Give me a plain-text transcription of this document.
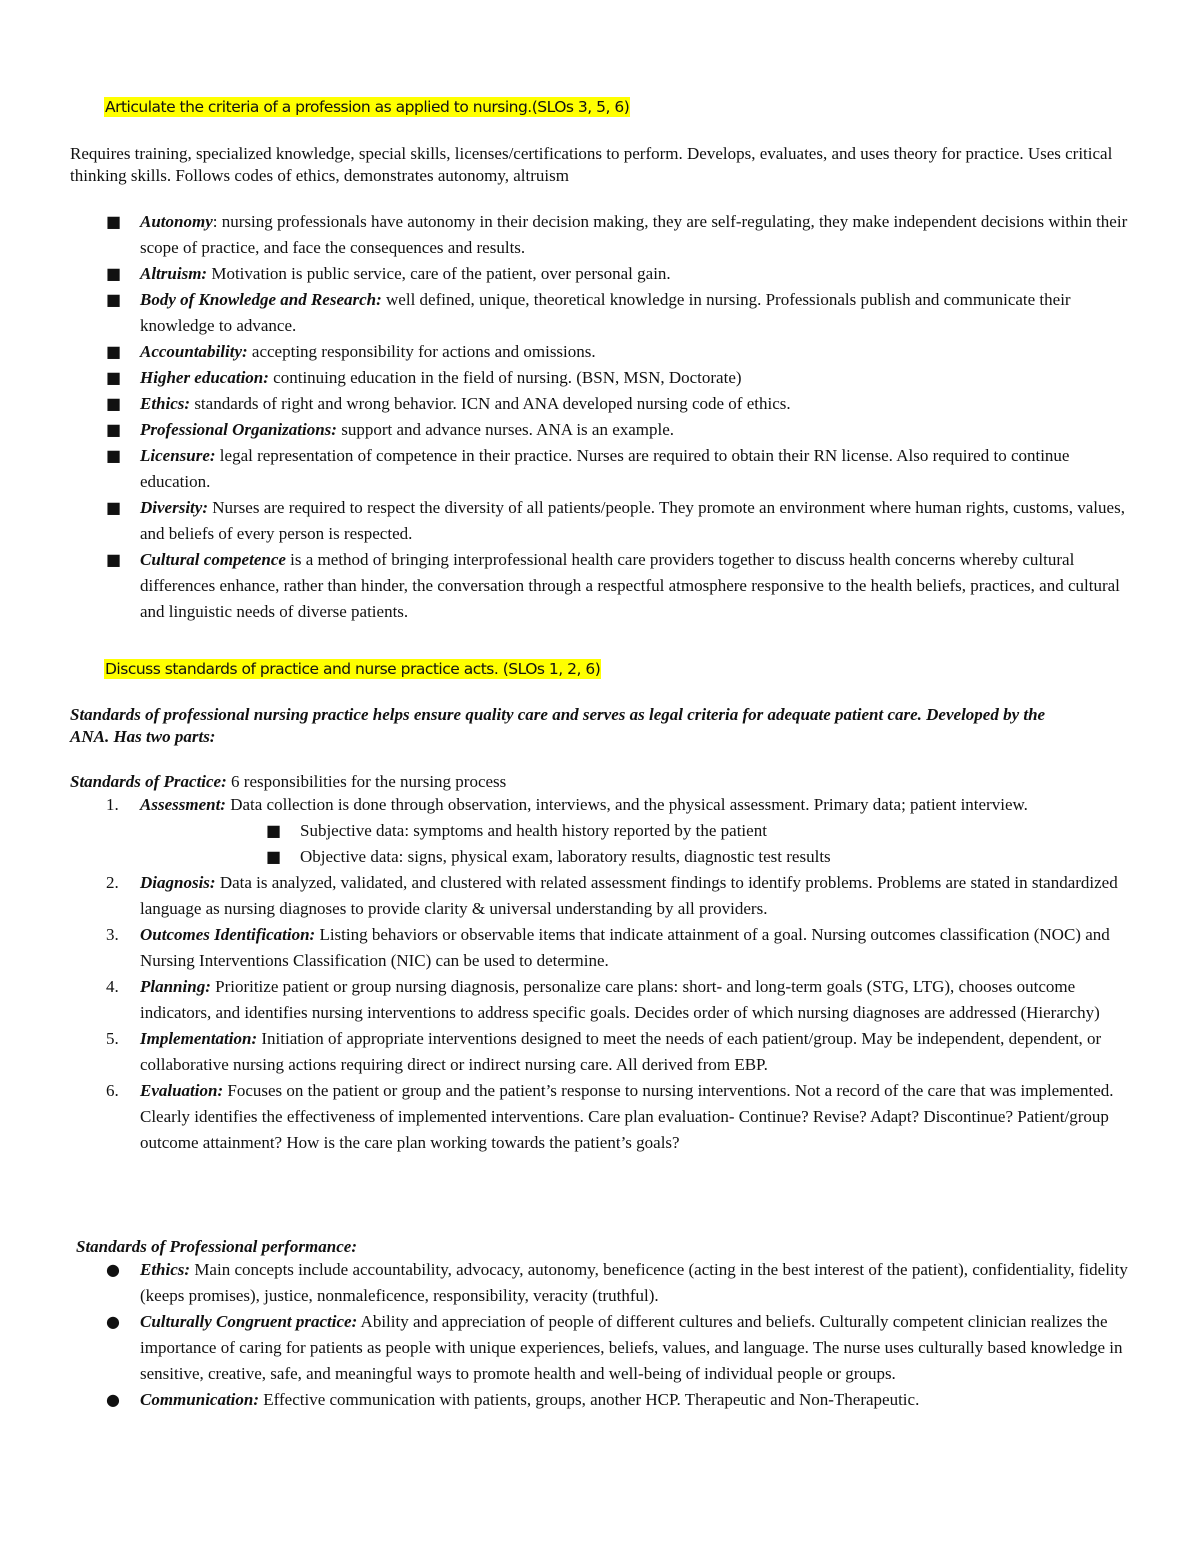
Articulate the criteria of a profession as applied to nursing.(SLOs 3, 5, 6)
Requires training, specialized knowledge, special skills, licenses/certifications to perform. Develops, evaluates, and uses theory for practice. Uses critical thinking skills. Follows codes of ethics, demonstrates autonomy, altruism
■ Autonomy: nursing professionals have autonomy in their decision making, they are self-regulating, they make independent decisions within their scope of practice, and face the consequences and results.
■ Altruism: Motivation is public service, care of the patient, over personal gain.
■ Body of Knowledge and Research: well defined, unique, theoretical knowledge in nursing. Professionals publish and communicate their knowledge to advance.
■ Accountability: accepting responsibility for actions and omissions.
■ Higher education: continuing education in the field of nursing. (BSN, MSN, Doctorate)
■ Ethics: standards of right and wrong behavior. ICN and ANA developed nursing code of ethics.
■ Professional Organizations: support and advance nurses. ANA is an example.
■ Licensure: legal representation of competence in their practice. Nurses are required to obtain their RN license. Also required to continue education.
■ Diversity: Nurses are required to respect the diversity of all patients/people. They promote an environment where human rights, customs, values, and beliefs of every person is respected.
■ Cultural competence is a method of bringing interprofessional health care providers together to discuss health concerns whereby cultural differences enhance, rather than hinder, the conversation through a respectful atmosphere responsive to the health beliefs, practices, and cultural and linguistic needs of diverse patients.
Discuss standards of practice and nurse practice acts. (SLOs 1, 2, 6)
Standards of professional nursing practice helps ensure quality care and serves as legal criteria for adequate patient care. Developed by the ANA. Has two parts:
Standards of Practice: 6 responsibilities for the nursing process
1. Assessment: Data collection is done through observation, interviews, and the physical assessment. Primary data; patient interview.
■ Subjective data: symptoms and health history reported by the patient
■ Objective data: signs, physical exam, laboratory results, diagnostic test results
2. Diagnosis: Data is analyzed, validated, and clustered with related assessment findings to identify problems. Problems are stated in standardized language as nursing diagnoses to provide clarity & universal understanding by all providers.
3. Outcomes Identification: Listing behaviors or observable items that indicate attainment of a goal. Nursing outcomes classification (NOC) and Nursing Interventions Classification (NIC) can be used to determine.
4. Planning: Prioritize patient or group nursing diagnosis, personalize care plans: short- and long-term goals (STG, LTG), chooses outcome indicators, and identifies nursing interventions to address specific goals. Decides order of which nursing diagnoses are addressed (Hierarchy)
5. Implementation: Initiation of appropriate interventions designed to meet the needs of each patient/group. May be independent, dependent, or collaborative nursing actions requiring direct or indirect nursing care. All derived from EBP.
6. Evaluation: Focuses on the patient or group and the patient’s response to nursing interventions. Not a record of the care that was implemented. Clearly identifies the effectiveness of implemented interventions. Care plan evaluation- Continue? Revise? Adapt? Discontinue? Patient/group outcome attainment? How is the care plan working towards the patient’s goals?
Standards of Professional performance:
● Ethics: Main concepts include accountability, advocacy, autonomy, beneficence (acting in the best interest of the patient), confidentiality, fidelity (keeps promises), justice, nonmaleficence, responsibility, veracity (truthful).
● Culturally Congruent practice: Ability and appreciation of people of different cultures and beliefs. Culturally competent clinician realizes the importance of caring for patients as people with unique experiences, beliefs, values, and language. The nurse uses culturally based knowledge in sensitive, creative, safe, and meaningful ways to promote health and well-being of individual people or groups.
● Communication: Effective communication with patients, groups, another HCP. Therapeutic and Non-Therapeutic.
